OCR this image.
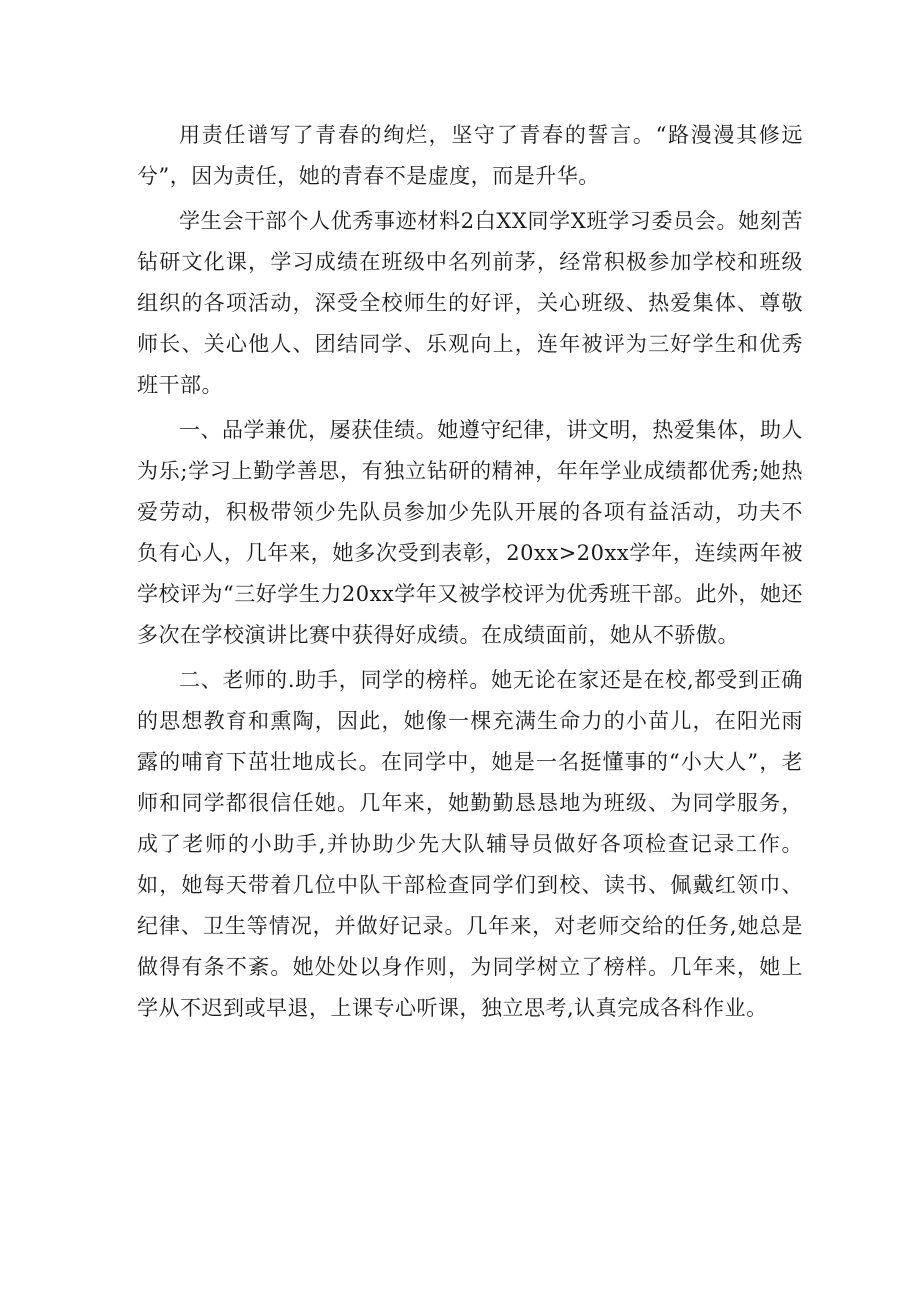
用责任谱写了青春的绚烂，坚守了青春的誓言。“路漫漫其修远兮”，因为责任，她的青春不是虚度，而是升华。

学生会干部个人优秀事迹材料2白XX同学X班学习委员会。她刻苦钻研文化课，学习成绩在班级中名列前茅，经常积极参加学校和班级组织的各项活动，深受全校师生的好评，关心班级、热爱集体、尊敬师长、关心他人、团结同学、乐观向上，连年被评为三好学生和优秀班干部。

一、品学兼优，屡获佳绩。她遵守纪律，讲文明，热爱集体，助人为乐;学习上勤学善思，有独立钻研的精神，年年学业成绩都优秀;她热爱劳动，积极带领少先队员参加少先队开展的各项有益活动，功夫不负有心人，几年来，她多次受到表彰，20xx>20xx学年，连续两年被学校评为“三好学生力20xx学年又被学校评为优秀班干部。此外，她还多次在学校演讲比赛中获得好成绩。在成绩面前，她从不骄傲。

二、老师的.助手，同学的榜样。她无论在家还是在校,都受到正确的思想教育和熏陶，因此，她像一棵充满生命力的小苗儿，在阳光雨露的哺育下茁壮地成长。在同学中，她是一名挺懂事的“小大人”，老师和同学都很信任她。几年来，她勤勤恳恳地为班级、为同学服务，成了老师的小助手,并协助少先大队辅导员做好各项检查记录工作。如，她每天带着几位中队干部检查同学们到校、读书、佩戴红领巾、纪律、卫生等情况，并做好记录。几年来，对老师交给的任务,她总是做得有条不紊。她处处以身作则，为同学树立了榜样。几年来，她上学从不迟到或早退，上课专心听课，独立思考,认真完成各科作业。
